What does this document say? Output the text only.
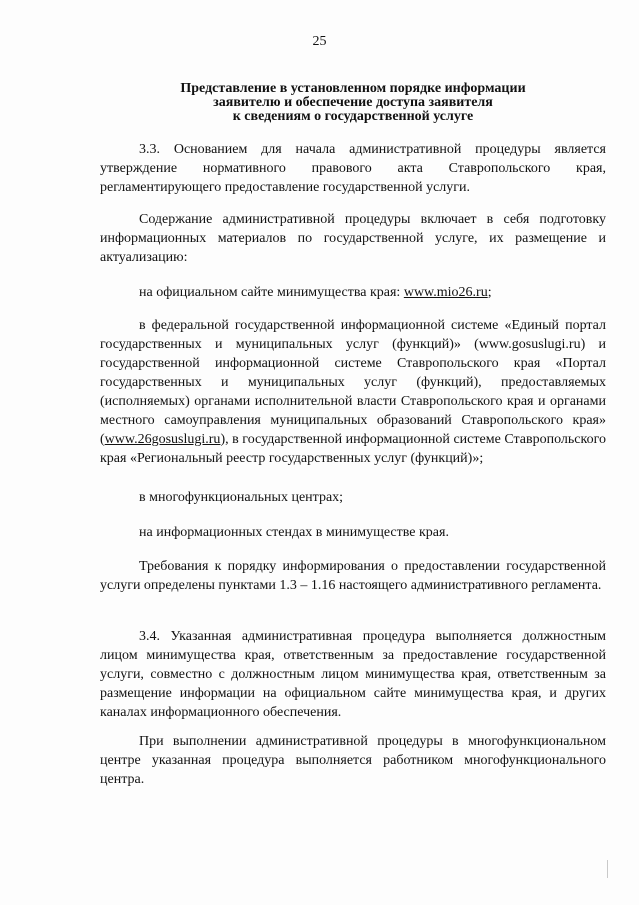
25
Представление в установленном порядке информации
заявителю и обеспечение доступа заявителя
к сведениям о государственной услуге

3.3. Основанием для начала административной процедуры является утверждение нормативного правового акта Ставропольского края, регламентирующего предоставление государственной услуги.

Содержание административной процедуры включает в себя подготовку информационных материалов по государственной услуге, их размещение и актуализацию:

на официальном сайте минимущества края: www.mio26.ru;

в федеральной государственной информационной системе «Единый портал государственных и муниципальных услуг (функций)» (www.gosuslugi.ru) и государственной информационной системе Ставропольского края «Портал государственных и муниципальных услуг (функций), предоставляемых (исполняемых) органами исполнительной власти Ставропольского края и органами местного самоуправления муниципальных образований Ставропольского края» (www.26gosuslugi.ru), в государственной информационной системе Ставропольского края «Региональный реестр государственных услуг (функций)»;

в многофункциональных центрах;
на информационных стендах в минимуществе края.

Требования к порядку информирования о предоставлении государственной услуги определены пунктами 1.3 – 1.16 настоящего административного регламента.

3.4. Указанная административная процедура выполняется должностным лицом минимущества края, ответственным за предоставление государственной услуги, совместно с должностным лицом минимущества края, ответственным за размещение информации на официальном сайте минимущества края, и других каналах информационного обеспечения.

При выполнении административной процедуры в многофункциональном центре указанная процедура выполняется работником многофункционального центра.
